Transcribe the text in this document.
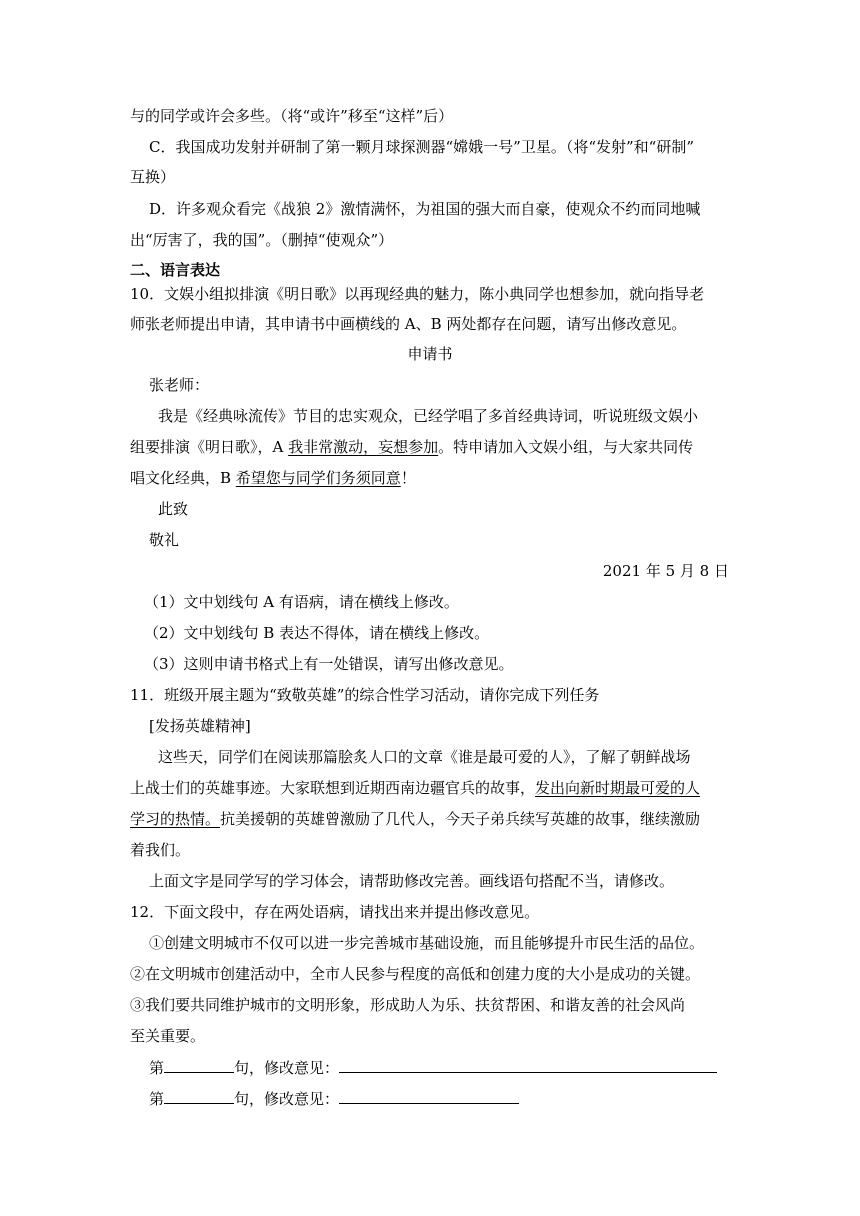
与的同学或许会多些。（将“或许”移至“这样”后）
C．我国成功发射并研制了第一颗月球探测器“嫦娥一号”卫星。（将“发射”和“研制”
互换）
D．许多观众看完《战狼 2》激情满怀，为祖国的强大而自豪，使观众不约而同地喊
出“厉害了，我的国”。（删掉“使观众”）
二、语言表达
10．文娱小组拟排演《明日歌》以再现经典的魅力，陈小典同学也想参加，就向指导老
师张老师提出申请，其申请书中画横线的 A、B 两处都存在问题，请写出修改意见。
申请书
张老师：
我是《经典咏流传》节目的忠实观众，已经学唱了多首经典诗词，听说班级文娱小
组要排演《明日歌》，A 我非常激动，妄想参加。特申请加入文娱小组，与大家共同传
唱文化经典，B 希望您与同学们务须同意！
此致
敬礼
2021 年 5 月 8 日
（1）文中划线句 A 有语病，请在横线上修改。
（2）文中划线句 B 表达不得体，请在横线上修改。
（3）这则申请书格式上有一处错误，请写出修改意见。
11．班级开展主题为“致敬英雄”的综合性学习活动，请你完成下列任务
[发扬英雄精神]
这些天，同学们在阅读那篇脍炙人口的文章《谁是最可爱的人》，了解了朝鲜战场
上战士们的英雄事迹。大家联想到近期西南边疆官兵的故事，发出向新时期最可爱的人
学习的热情。抗美援朝的英雄曾激励了几代人，今天子弟兵续写英雄的故事，继续激励
着我们。
上面文字是同学写的学习体会，请帮助修改完善。画线语句搭配不当，请修改。
12．下面文段中，存在两处语病，请找出来并提出修改意见。
①创建文明城市不仅可以进一步完善城市基础设施，而且能够提升市民生活的品位。
②在文明城市创建活动中，全市人民参与程度的高低和创建力度的大小是成功的关键。
③我们要共同维护城市的文明形象，形成助人为乐、扶贫帮困、和谐友善的社会风尚
至关重要。
第	句，修改意见：
第	句，修改意见：
